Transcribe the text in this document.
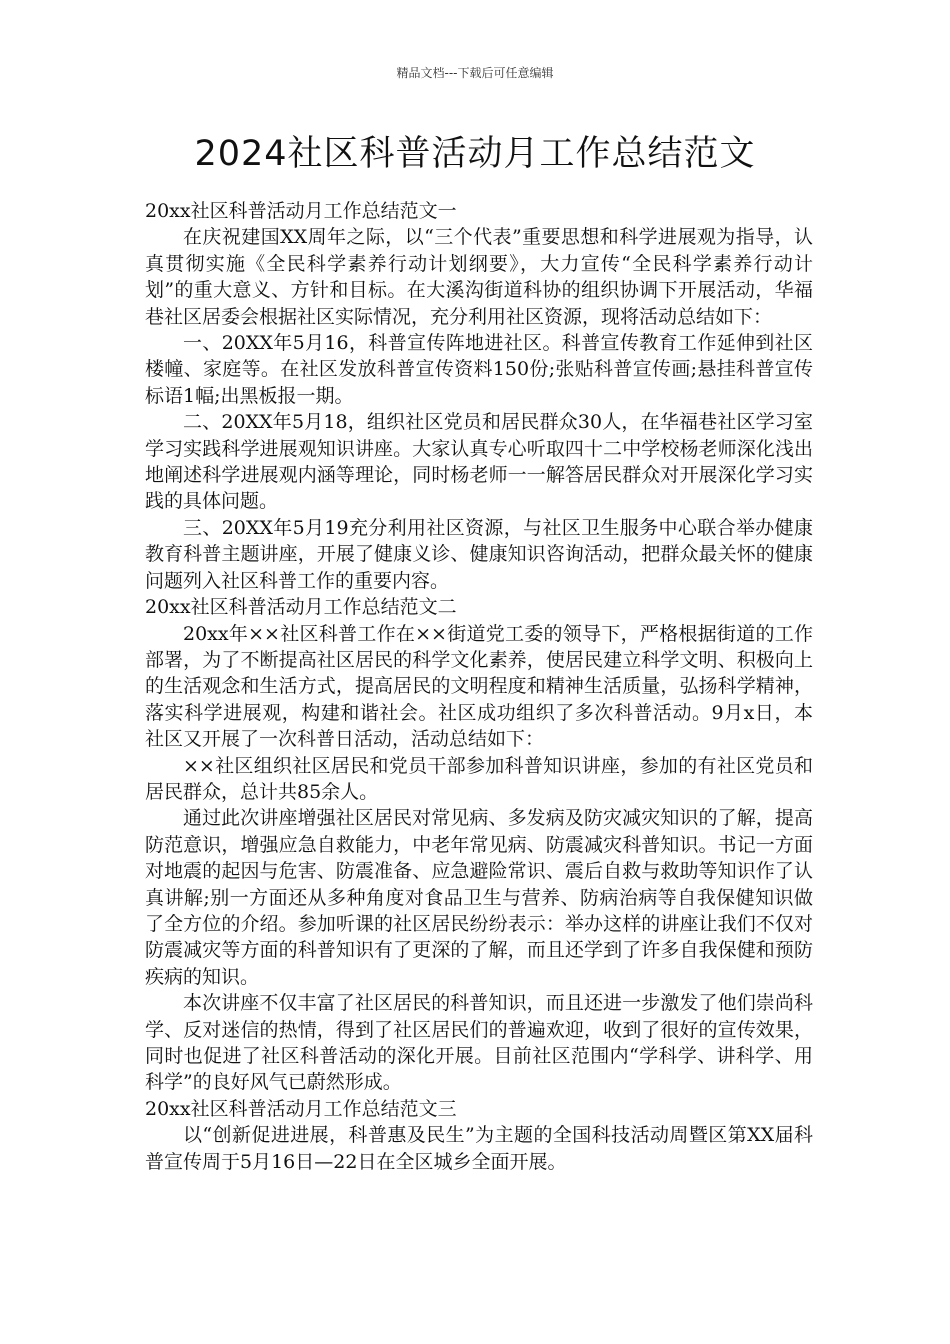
精品文档---下载后可任意编辑
2024社区科普活动月工作总结范文

20xx社区科普活动月工作总结范文一

在庆祝建国XX周年之际，以“三个代表”重要思想和科学进展观为指导，认真贯彻实施《全民科学素养行动计划纲要》，大力宣传“全民科学素养行动计划”的重大意义、方针和目标。在大溪沟街道科协的组织协调下开展活动，华福巷社区居委会根据社区实际情况，充分利用社区资源，现将活动总结如下：

一、20XX年5月16，科普宣传阵地进社区。科普宣传教育工作延伸到社区楼幢、家庭等。在社区发放科普宣传资料150份;张贴科普宣传画;悬挂科普宣传标语1幅;出黑板报一期。

二、20XX年5月18，组织社区党员和居民群众30人，在华福巷社区学习室学习实践科学进展观知识讲座。大家认真专心听取四十二中学校杨老师深化浅出地阐述科学进展观内涵等理论，同时杨老师一一解答居民群众对开展深化学习实践的具体问题。

三、20XX年5月19充分利用社区资源，与社区卫生服务中心联合举办健康教育科普主题讲座，开展了健康义诊、健康知识咨询活动，把群众最关怀的健康问题列入社区科普工作的重要内容。

20xx社区科普活动月工作总结范文二

20xx年××社区科普工作在××街道党工委的领导下，严格根据街道的工作部署，为了不断提高社区居民的科学文化素养，使居民建立科学文明、积极向上的生活观念和生活方式，提高居民的文明程度和精神生活质量，弘扬科学精神，落实科学进展观，构建和谐社会。社区成功组织了多次科普活动。9月x日，本社区又开展了一次科普日活动，活动总结如下：

××社区组织社区居民和党员干部参加科普知识讲座，参加的有社区党员和居民群众，总计共85余人。

通过此次讲座增强社区居民对常见病、多发病及防灾减灾知识的了解，提高防范意识，增强应急自救能力，中老年常见病、防震减灾科普知识。书记一方面对地震的起因与危害、防震准备、应急避险常识、震后自救与救助等知识作了认真讲解;别一方面还从多种角度对食品卫生与营养、防病治病等自我保健知识做了全方位的介绍。参加听课的社区居民纷纷表示：举办这样的讲座让我们不仅对防震减灾等方面的科普知识有了更深的了解，而且还学到了许多自我保健和预防疾病的知识。

本次讲座不仅丰富了社区居民的科普知识，而且还进一步激发了他们崇尚科学、反对迷信的热情，得到了社区居民们的普遍欢迎，收到了很好的宣传效果，同时也促进了社区科普活动的深化开展。目前社区范围内“学科学、讲科学、用科学”的良好风气已蔚然形成。

20xx社区科普活动月工作总结范文三

以“创新促进进展，科普惠及民生”为主题的全国科技活动周暨区第XX届科普宣传周于5月16日—22日在全区城乡全面开展。
